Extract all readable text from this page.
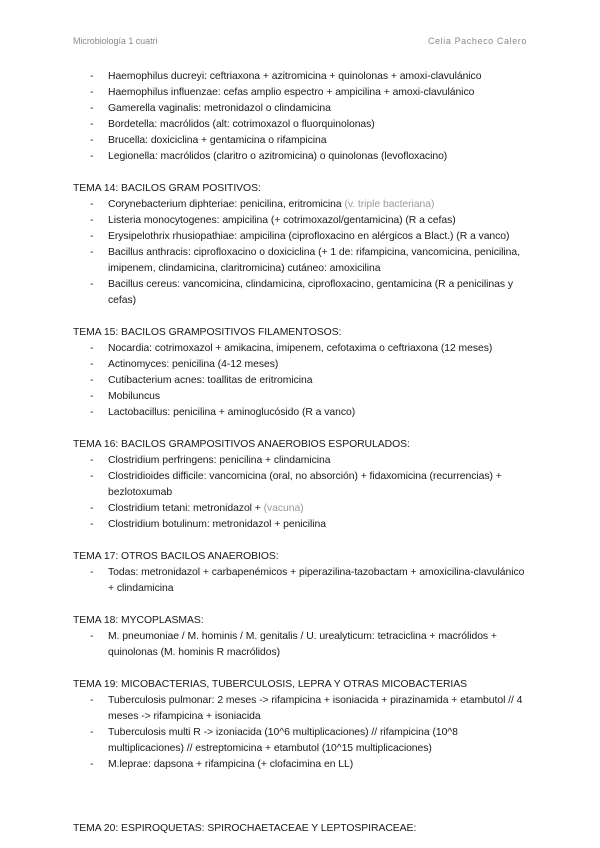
Microbiología 1 cuatri	Celia Pacheco Calero
- Haemophilus ducreyi: ceftriaxona + azitromicina + quinolonas + amoxi-clavulánico
- Haemophilus influenzae: cefas amplio espectro + ampicilina + amoxi-clavulánico
- Gamerella vaginalis: metronidazol o clindamicina
- Bordetella: macrólidos (alt: cotrimoxazol o fluorquinolonas)
- Brucella: doxiciclina + gentamicina o rifampicina
- Legionella: macrólidos (claritro o azitromicina) o quinolonas (levofloxacino)
TEMA 14: BACILOS GRAM POSITIVOS:
- Corynebacterium diphteriae: penicilina, eritromicina (v. triple bacteriana)
- Listeria monocytogenes: ampicilina (+ cotrimoxazol/gentamicina) (R a cefas)
- Erysipelothrix rhusiopathiae: ampicilina (ciprofloxacino en alérgicos a Blact.) (R a vanco)
- Bacillus anthracis: ciprofloxacino o doxiciclina (+ 1 de: rifampicina, vancomicina, penicilina, imipenem, clindamicina, claritromicina) cutáneo: amoxicilina
- Bacillus cereus: vancomicina, clindamicina, ciprofloxacino, gentamicina (R a penicilinas y cefas)
TEMA 15: BACILOS GRAMPOSITIVOS FILAMENTOSOS:
- Nocardia: cotrimoxazol + amikacina, imipenem, cefotaxima o ceftriaxona (12 meses)
- Actinomyces: penicilina (4-12 meses)
- Cutibacterium acnes: toallitas de eritromicina
- Mobiluncus
- Lactobacillus: penicilina + aminoglucósido (R a vanco)
TEMA 16: BACILOS GRAMPOSITIVOS ANAEROBIOS ESPORULADOS:
- Clostridium perfringens: penicilina + clindamicina
- Clostridioides difficile: vancomicina (oral, no absorción) + fidaxomicina (recurrencias) + bezlotoxumab
- Clostridium tetani: metronidazol + (vacuna)
- Clostridium botulinum: metronidazol + penicilina
TEMA 17: OTROS BACILOS ANAEROBIOS:
- Todas: metronidazol + carbapenémicos + piperazilina-tazobactam + amoxicilina-clavulánico + clindamicina
TEMA 18: MYCOPLASMAS:
- M. pneumoniae / M. hominis / M. genitalis / U. urealyticum: tetraciclina + macrólidos + quinolonas (M. hominis R macrólidos)
TEMA 19: MICOBACTERIAS, TUBERCULOSIS, LEPRA Y OTRAS MICOBACTERIAS
- Tuberculosis pulmonar: 2 meses -> rifampicina + isoniacida + pirazinamida + etambutol // 4 meses -> rifampicina + isoniacida
- Tuberculosis multi R -> izoniacida (10^6 multiplicaciones) // rifampicina (10^8 multiplicaciones) // estreptomicina + etambutol (10^15 multiplicaciones)
- M.leprae: dapsona + rifampicina (+ clofacimina en LL)
TEMA 20: ESPIROQUETAS: SPIROCHAETACEAE Y LEPTOSPIRACEAE:
